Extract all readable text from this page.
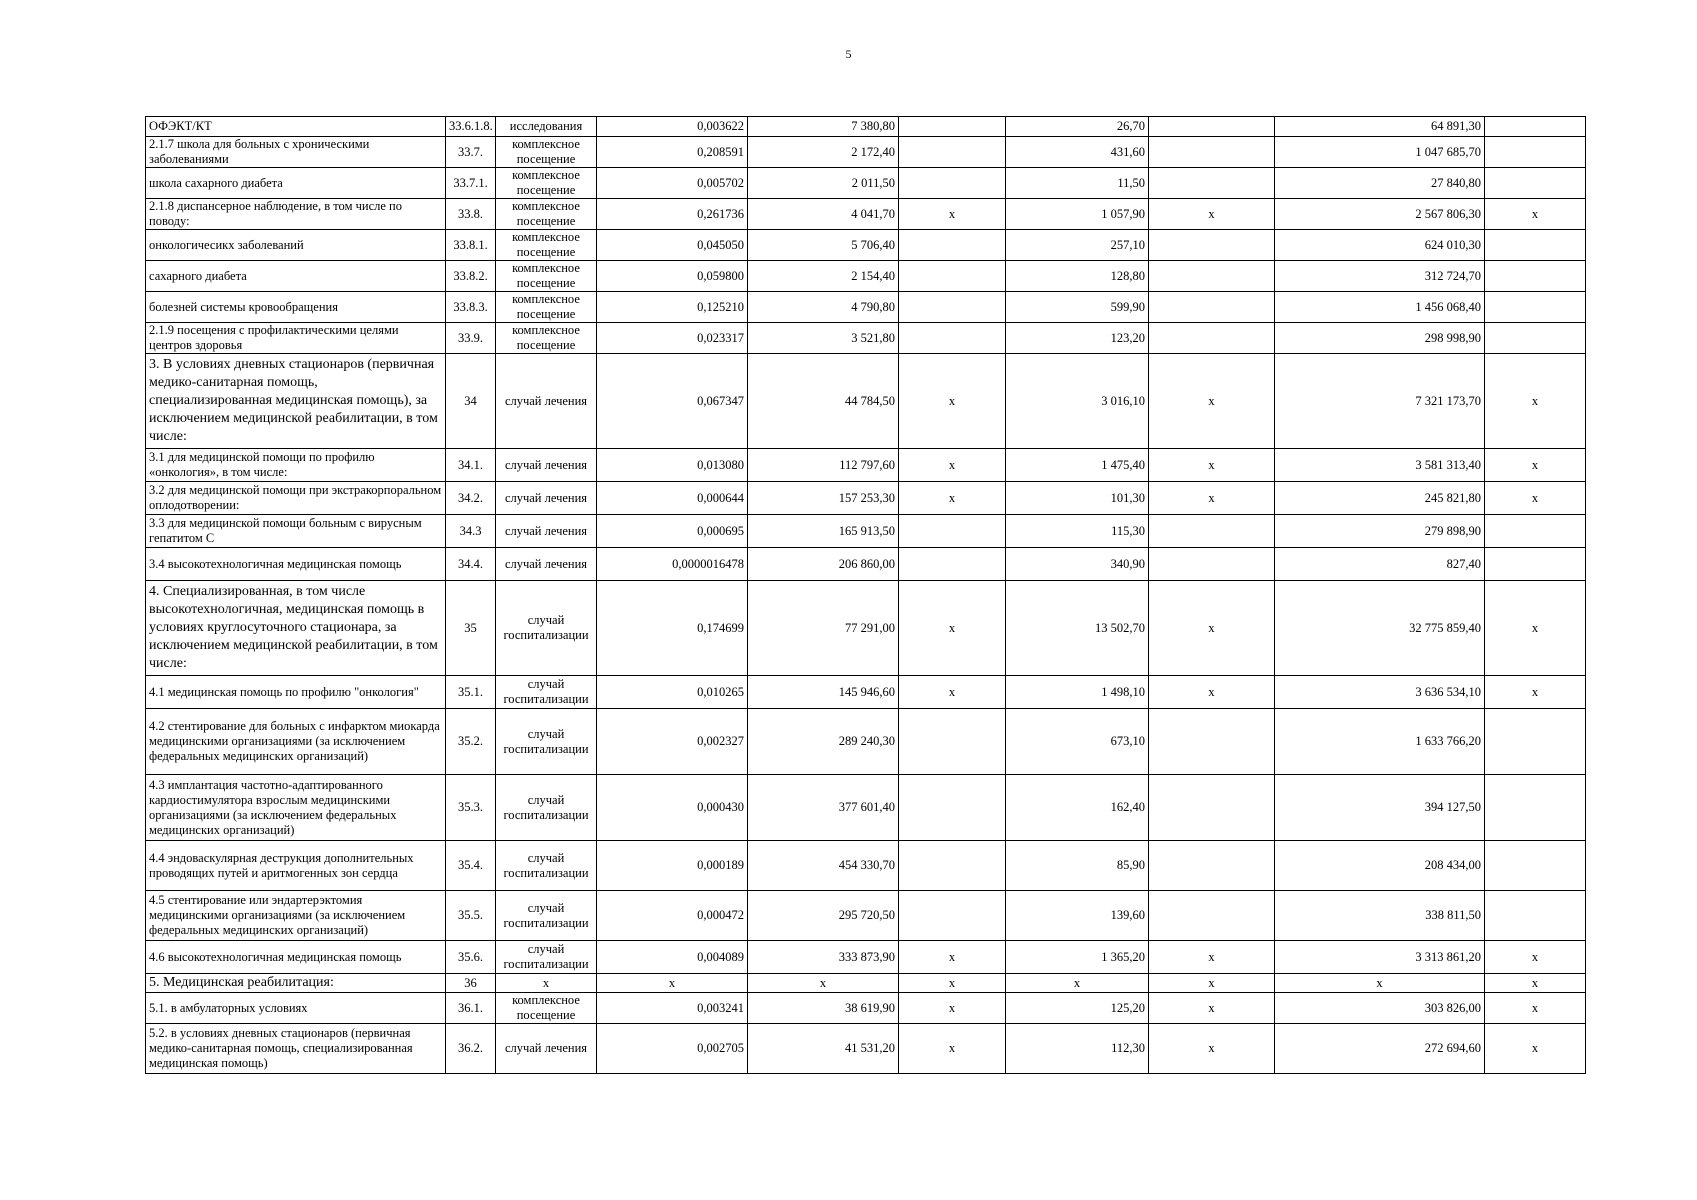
5
ОФЭКТ/КТ	33.6.1.8.	исследования	0,003622	7 380,80		26,70		64 891,30	
2.1.7 школа для больных с хроническими заболеваниями	33.7.	комплексное посещение	0,208591	2 172,40		431,60		1 047 685,70	
школа сахарного диабета	33.7.1.	комплексное посещение	0,005702	2 011,50		11,50		27 840,80	
2.1.8 диспансерное наблюдение, в том числе по поводу:	33.8.	комплексное посещение	0,261736	4 041,70	х	1 057,90	х	2 567 806,30	х
онкологичесикх заболеваний	33.8.1.	комплексное посещение	0,045050	5 706,40		257,10		624 010,30	
сахарного диабета	33.8.2.	комплексное посещение	0,059800	2 154,40		128,80		312 724,70	
болезней системы кровообращения	33.8.3.	комплексное посещение	0,125210	4 790,80		599,90		1 456 068,40	
2.1.9 посещения с профилактическими целями центров здоровья	33.9.	комплексное посещение	0,023317	3 521,80		123,20		298 998,90	
3. В условиях дневных стационаров (первичная медико-санитарная помощь, специализированная медицинская помощь), за исключением медицинской реабилитации, в том числе:	34	случай лечения	0,067347	44 784,50	х	3 016,10	х	7 321 173,70	х
3.1 для медицинской помощи по профилю «онкология», в том числе:	34.1.	случай лечения	0,013080	112 797,60	х	1 475,40	х	3 581 313,40	х
3.2 для медицинской помощи при экстракорпоральном оплодотворении:	34.2.	случай лечения	0,000644	157 253,30	х	101,30	х	245 821,80	х
3.3 для медицинской помощи больным с вирусным гепатитом С	34.3	случай лечения	0,000695	165 913,50		115,30		279 898,90	
3.4 высокотехнологичная медицинская помощь	34.4.	случай лечения	0,0000016478	206 860,00		340,90		827,40	
4. Специализированная, в том числе высокотехнологичная, медицинская помощь в условиях круглосуточного стационара, за исключением медицинской реабилитации, в том числе:	35	случай госпитализации	0,174699	77 291,00	х	13 502,70	х	32 775 859,40	х
4.1 медицинская помощь по профилю "онкология"	35.1.	случай госпитализации	0,010265	145 946,60	х	1 498,10	х	3 636 534,10	х
4.2 стентирование для больных с инфарктом миокарда медицинскими организациями (за исключением федеральных медицинских организаций)	35.2.	случай госпитализации	0,002327	289 240,30		673,10		1 633 766,20	
4.3 имплантация частотно-адаптированного кардиостимулятора взрослым медицинскими организациями (за исключением федеральных медицинских организаций)	35.3.	случай госпитализации	0,000430	377 601,40		162,40		394 127,50	
4.4 эндоваскулярная деструкция дополнительных проводящих путей и аритмогенных зон сердца	35.4.	случай госпитализации	0,000189	454 330,70		85,90		208 434,00	
4.5 стентирование или эндартерэктомия медицинскими организациями (за исключением федеральных медицинских организаций)	35.5.	случай госпитализации	0,000472	295 720,50		139,60		338 811,50	
4.6 высокотехнологичная медицинская помощь	35.6.	случай госпитализации	0,004089	333 873,90	х	1 365,20	х	3 313 861,20	х
5. Медицинская реабилитация:	36	х	х	х	х	х	х	х	х
5.1. в амбулаторных условиях	36.1.	комплексное посещение	0,003241	38 619,90	х	125,20	х	303 826,00	х
5.2. в условиях дневных стационаров (первичная медико-санитарная помощь, специализированная медицинская помощь)	36.2.	случай лечения	0,002705	41 531,20	х	112,30	х	272 694,60	х
